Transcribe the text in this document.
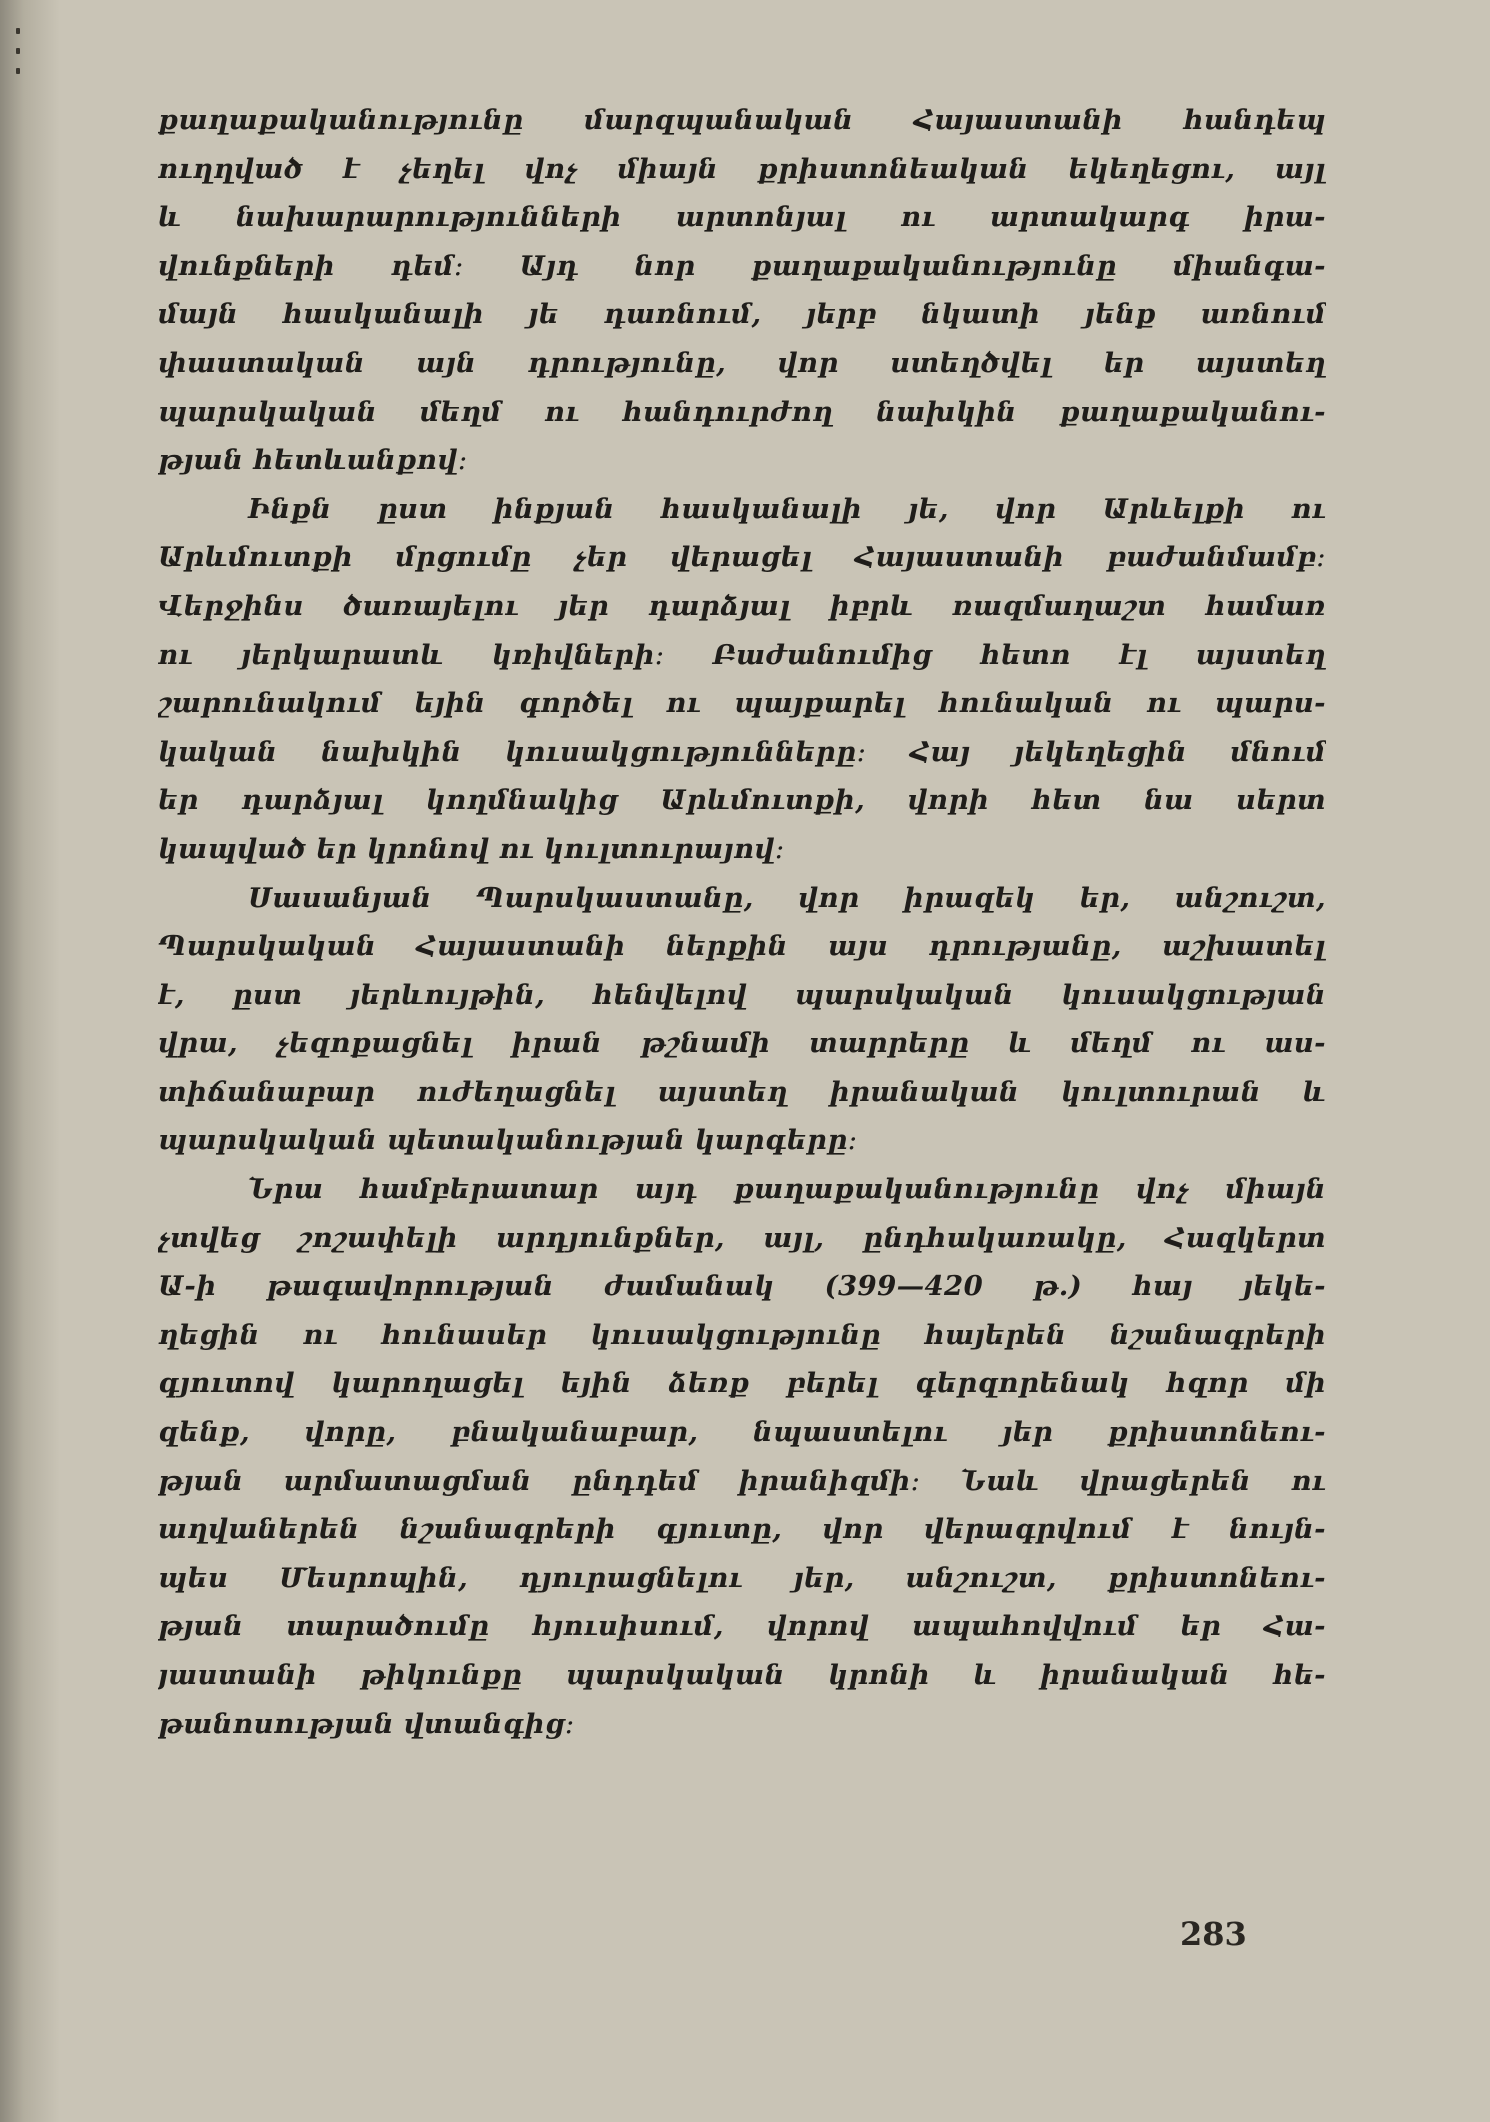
քաղաքականությունը մարզպանական Հայաստանի հանդեպ
ուղղված է չեղել վոչ միայն քրիստոնեական եկեղեցու, այլ
և նախարարությունների արտոնյալ ու արտակարգ իրա-
վունքների դեմ։ Այդ նոր քաղաքականությունը միանգա-
մայն հասկանալի յե դառնում, յերբ նկատի յենք առնում
փաստական այն դրությունը, վոր ստեղծվել եր այստեղ
պարսկական մեղմ ու հանդուրժող նախկին քաղաքականու-
թյան հետևանքով։
Ինքն ըստ ինքյան հասկանալի յե, վոր Արևելքի ու
Արևմուտքի մրցումը չեր վերացել Հայաստանի բաժանմամբ։
Վերջինս ծառայելու յեր դարձյալ իբրև ռազմաղաշտ համառ
ու յերկարատև կռիվների։ Բաժանումից հետո էլ այստեղ
շարունակում եյին գործել ու պայքարել հունական ու պարս-
կական նախկին կուսակցությունները։ Հայ յեկեղեցին մնում
եր դարձյալ կողմնակից Արևմուտքի, վորի հետ նա սերտ
կապված եր կրոնով ու կուլտուրայով։
Սասանյան Պարսկաստանը, վոր իրազեկ եր, անշուշտ,
Պարսկական Հայաստանի ներքին այս դրությանը, աշխատել
է, ըստ յերևույթին, հենվելով պարսկական կուսակցության
վրա, չեզոքացնել իրան թշնամի տարրերը և մեղմ ու աս-
տիճանաբար ուժեղացնել այստեղ իրանական կուլտուրան և
պարսկական պետականության կարգերը։
Նրա համբերատար այդ քաղաքականությունը վոչ միայն
չտվեց շոշափելի արդյունքներ, այլ, ընդհակառակը, Հազկերտ
Ա-ի թագավորության ժամանակ (399—420 թ.) հայ յեկե-
ղեցին ու հունասեր կուսակցությունը հայերեն նշանագրերի
գյուտով կարողացել եյին ձեռք բերել գերզորենակ հզոր մի
զենք, վորը, բնականաբար, նպաստելու յեր քրիստոնեու-
թյան արմատացման ընդդեմ իրանիզմի։ Նաև վրացերեն ու
աղվաներեն նշանագրերի գյուտը, վոր վերագրվում է նույն-
պես Մեսրոպին, դյուրացնելու յեր, անշուշտ, քրիստոնեու-
թյան տարածումը հյուսիսում, վորով ապահովվում եր Հա-
յաստանի թիկունքը պարսկական կրոնի և իրանական հե-
թանոսության վտանգից։
283
